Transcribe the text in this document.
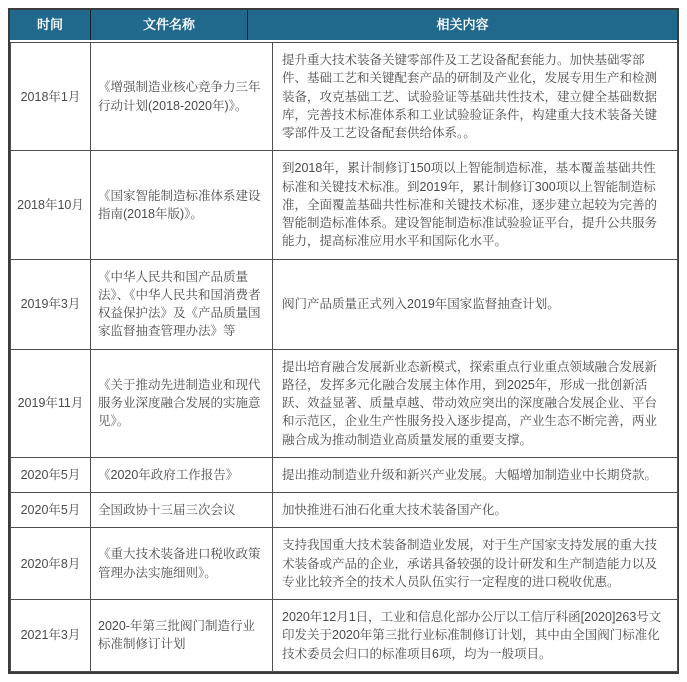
时间	文件名称	相关内容
2018年1月	《增强制造业核心竞争力三年行动计划(2018-2020年)》。	提升重大技术装备关键零部件及工艺设备配套能力。加快基础零部件、基础工艺和关键配套产品的研制及产业化，发展专用生产和检测装备，攻克基础工艺、试验验证等基础共性技术，建立健全基础数据库，完善技术标准体系和工业试验验证条件，构建重大技术装备关键零部件及工艺设备配套供给体系。。
2018年10月	《国家智能制造标准体系建设指南(2018年版)》。	到2018年，累计制修订150项以上智能制造标准，基本覆盖基础共性标准和关键技术标准。到2019年，累计制修订300项以上智能制造标准，全面覆盖基础共性标准和关键技术标准，逐步建立起较为完善的智能制造标准体系。建设智能制造标准试验验证平台，提升公共服务能力，提高标准应用水平和国际化水平。
2019年3月	《中华人民共和国产品质量法》、《中华人民共和国消费者权益保护法》及《产品质量国家监督抽查管理办法》等	阀门产品质量正式列入2019年国家监督抽查计划。
2019年11月	《关于推动先进制造业和现代服务业深度融合发展的实施意见》。	提出培育融合发展新业态新模式，探索重点行业重点领域融合发展新路径，发挥多元化融合发展主体作用，到2025年，形成一批创新活跃、效益显著、质量卓越、带动效应突出的深度融合发展企业、平台和示范区，企业生产性服务投入逐步提高，产业生态不断完善，两业融合成为推动制造业高质量发展的重要支撑。
2020年5月	《2020年政府工作报告》	提出推动制造业升级和新兴产业发展。大幅增加制造业中长期贷款。
2020年5月	全国政协十三届三次会议	加快推进石油石化重大技术装备国产化。
2020年8月	《重大技术装备进口税收政策管理办法实施细则》。	支持我国重大技术装备制造业发展，对于生产国家支持发展的重大技术装备或产品的企业，承诺具备较强的设计研发和生产制造能力以及专业比较齐全的技术人员队伍实行一定程度的进口税收优惠。
2021年3月	2020-年第三批阀门制造行业标准制修订计划	2020年12月1日，工业和信息化部办公厅以工信厅科函[2020]263号文印发关于2020年第三批行业标准制修订计划，其中由全国阀门标准化技术委员会归口的标准项目6项，均为一般项目。
